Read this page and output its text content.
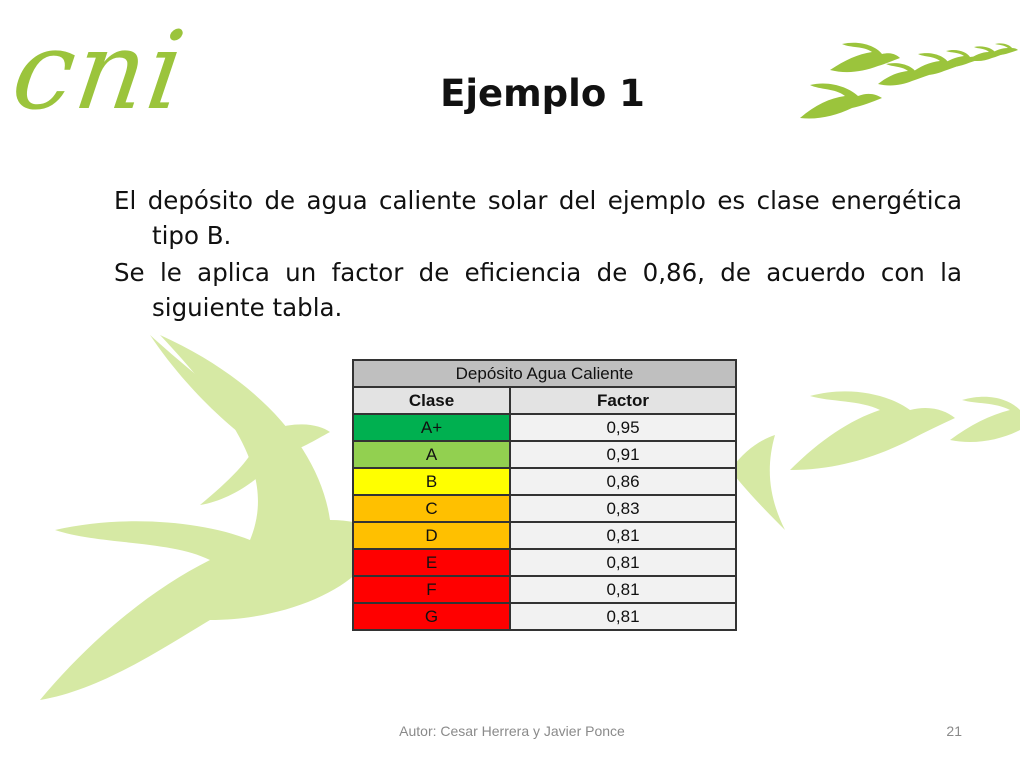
cni	Ejemplo 1

El depósito de agua caliente solar del ejemplo es clase energética tipo B.

Se le aplica un factor de eficiencia de 0,86, de acuerdo con la siguiente tabla.

Depósito Agua Caliente	
Clase	Factor
A+	0,95
A	0,91
B	0,86
C	0,83
D	0,81
E	0,81
F	0,81
G	0,81
Autor: Cesar Herrera y Javier Ponce	21
